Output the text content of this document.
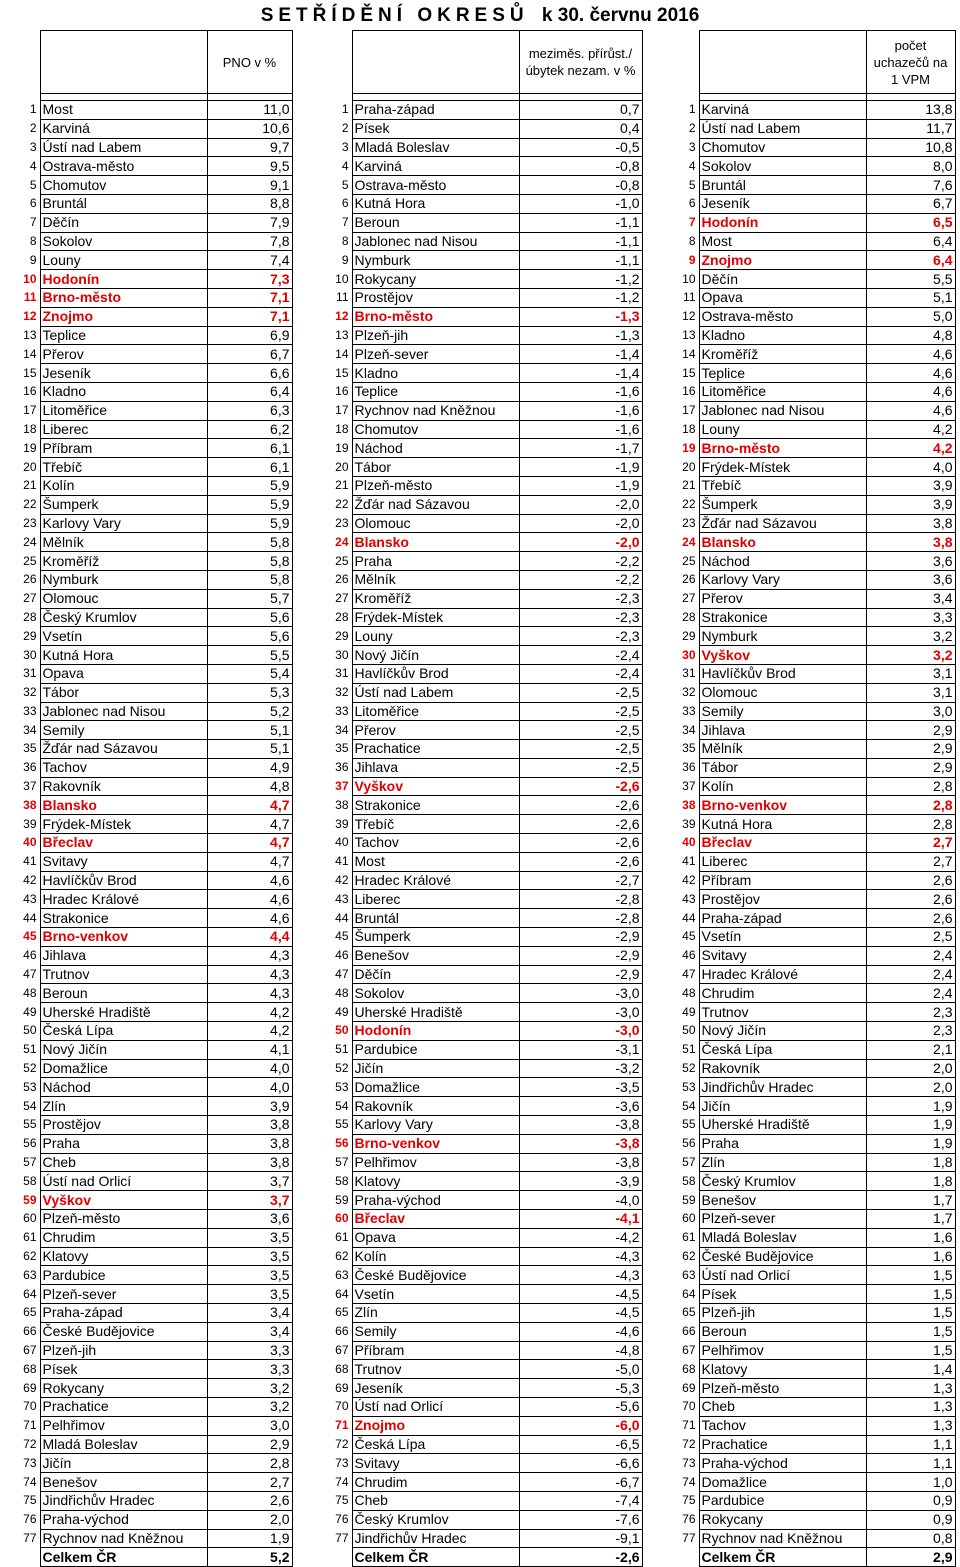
SETŘÍDĚNÍ OKRESŮ k 30. červnu 2016
		PNO v %

1	Most	11,0
2	Karviná	10,6
3	Ústí nad Labem	9,7
4	Ostrava-město	9,5
5	Chomutov	9,1
6	Bruntál	8,8
7	Děčín	7,9
8	Sokolov	7,8
9	Louny	7,4
10	Hodonín	7,3
11	Brno-město	7,1
12	Znojmo	7,1
13	Teplice	6,9
14	Přerov	6,7
15	Jeseník	6,6
16	Kladno	6,4
17	Litoměřice	6,3
18	Liberec	6,2
19	Příbram	6,1
20	Třebíč	6,1
21	Kolín	5,9
22	Šumperk	5,9
23	Karlovy Vary	5,9
24	Mělník	5,8
25	Kroměříž	5,8
26	Nymburk	5,8
27	Olomouc	5,7
28	Český Krumlov	5,6
29	Vsetín	5,6
30	Kutná Hora	5,5
31	Opava	5,4
32	Tábor	5,3
33	Jablonec nad Nisou	5,2
34	Semily	5,1
35	Žďár nad Sázavou	5,1
36	Tachov	4,9
37	Rakovník	4,8
38	Blansko	4,7
39	Frýdek-Místek	4,7
40	Břeclav	4,7
41	Svitavy	4,7
42	Havlíčkův Brod	4,6
43	Hradec Králové	4,6
44	Strakonice	4,6
45	Brno-venkov	4,4
46	Jihlava	4,3
47	Trutnov	4,3
48	Beroun	4,3
49	Uherské Hradiště	4,2
50	Česká Lípa	4,2
51	Nový Jičín	4,1
52	Domažlice	4,0
53	Náchod	4,0
54	Zlín	3,9
55	Prostějov	3,8
56	Praha	3,8
57	Cheb	3,8
58	Ústí nad Orlicí	3,7
59	Vyškov	3,7
60	Plzeň-město	3,6
61	Chrudim	3,5
62	Klatovy	3,5
63	Pardubice	3,5
64	Plzeň-sever	3,5
65	Praha-západ	3,4
66	České Budějovice	3,4
67	Plzeň-jih	3,3
68	Písek	3,3
69	Rokycany	3,2
70	Prachatice	3,2
71	Pelhřimov	3,0
72	Mladá Boleslav	2,9
73	Jičín	2,8
74	Benešov	2,7
75	Jindřichův Hradec	2,6
76	Praha-východ	2,0
77	Rychnov nad Kněžnou	1,9
	Celkem ČR	5,2
		meziměs. přírůst./ úbytek nezam. v %

1	Praha-západ	0,7
2	Písek	0,4
3	Mladá Boleslav	-0,5
4	Karviná	-0,8
5	Ostrava-město	-0,8
6	Kutná Hora	-1,0
7	Beroun	-1,1
8	Jablonec nad Nisou	-1,1
9	Nymburk	-1,1
10	Rokycany	-1,2
11	Prostějov	-1,2
12	Brno-město	-1,3
13	Plzeň-jih	-1,3
14	Plzeň-sever	-1,4
15	Kladno	-1,4
16	Teplice	-1,6
17	Rychnov nad Kněžnou	-1,6
18	Chomutov	-1,6
19	Náchod	-1,7
20	Tábor	-1,9
21	Plzeň-město	-1,9
22	Žďár nad Sázavou	-2,0
23	Olomouc	-2,0
24	Blansko	-2,0
25	Praha	-2,2
26	Mělník	-2,2
27	Kroměříž	-2,3
28	Frýdek-Místek	-2,3
29	Louny	-2,3
30	Nový Jičín	-2,4
31	Havlíčkův Brod	-2,4
32	Ústí nad Labem	-2,5
33	Litoměřice	-2,5
34	Přerov	-2,5
35	Prachatice	-2,5
36	Jihlava	-2,5
37	Vyškov	-2,6
38	Strakonice	-2,6
39	Třebíč	-2,6
40	Tachov	-2,6
41	Most	-2,6
42	Hradec Králové	-2,7
43	Liberec	-2,8
44	Bruntál	-2,8
45	Šumperk	-2,9
46	Benešov	-2,9
47	Děčín	-2,9
48	Sokolov	-3,0
49	Uherské Hradiště	-3,0
50	Hodonín	-3,0
51	Pardubice	-3,1
52	Jičín	-3,2
53	Domažlice	-3,5
54	Rakovník	-3,6
55	Karlovy Vary	-3,8
56	Brno-venkov	-3,8
57	Pelhřimov	-3,8
58	Klatovy	-3,9
59	Praha-východ	-4,0
60	Břeclav	-4,1
61	Opava	-4,2
62	Kolín	-4,3
63	České Budějovice	-4,3
64	Vsetín	-4,5
65	Zlín	-4,5
66	Semily	-4,6
67	Příbram	-4,8
68	Trutnov	-5,0
69	Jeseník	-5,3
70	Ústí nad Orlicí	-5,6
71	Znojmo	-6,0
72	Česká Lípa	-6,5
73	Svitavy	-6,6
74	Chrudim	-6,7
75	Cheb	-7,4
76	Český Krumlov	-7,6
77	Jindřichův Hradec	-9,1
	Celkem ČR	-2,6
		počet uchazečů na 1 VPM

1	Karviná	13,8
2	Ústí nad Labem	11,7
3	Chomutov	10,8
4	Sokolov	8,0
5	Bruntál	7,6
6	Jeseník	6,7
7	Hodonín	6,5
8	Most	6,4
9	Znojmo	6,4
10	Děčín	5,5
11	Opava	5,1
12	Ostrava-město	5,0
13	Kladno	4,8
14	Kroměříž	4,6
15	Teplice	4,6
16	Litoměřice	4,6
17	Jablonec nad Nisou	4,6
18	Louny	4,2
19	Brno-město	4,2
20	Frýdek-Místek	4,0
21	Třebíč	3,9
22	Šumperk	3,9
23	Žďár nad Sázavou	3,8
24	Blansko	3,8
25	Náchod	3,6
26	Karlovy Vary	3,6
27	Přerov	3,4
28	Strakonice	3,3
29	Nymburk	3,2
30	Vyškov	3,2
31	Havlíčkův Brod	3,1
32	Olomouc	3,1
33	Semily	3,0
34	Jihlava	2,9
35	Mělník	2,9
36	Tábor	2,9
37	Kolín	2,8
38	Brno-venkov	2,8
39	Kutná Hora	2,8
40	Břeclav	2,7
41	Liberec	2,7
42	Příbram	2,6
43	Prostějov	2,6
44	Praha-západ	2,6
45	Vsetín	2,5
46	Svitavy	2,4
47	Hradec Králové	2,4
48	Chrudim	2,4
49	Trutnov	2,3
50	Nový Jičín	2,3
51	Česká Lípa	2,1
52	Rakovník	2,0
53	Jindřichův Hradec	2,0
54	Jičín	1,9
55	Uherské Hradiště	1,9
56	Praha	1,9
57	Zlín	1,8
58	Český Krumlov	1,8
59	Benešov	1,7
60	Plzeň-sever	1,7
61	Mladá Boleslav	1,6
62	České Budějovice	1,6
63	Ústí nad Orlicí	1,5
64	Písek	1,5
65	Plzeň-jih	1,5
66	Beroun	1,5
67	Pelhřimov	1,5
68	Klatovy	1,4
69	Plzeň-město	1,3
70	Cheb	1,3
71	Tachov	1,3
72	Prachatice	1,1
73	Praha-východ	1,1
74	Domažlice	1,0
75	Pardubice	0,9
76	Rokycany	0,9
77	Rychnov nad Kněžnou	0,8
	Celkem ČR	2,9
